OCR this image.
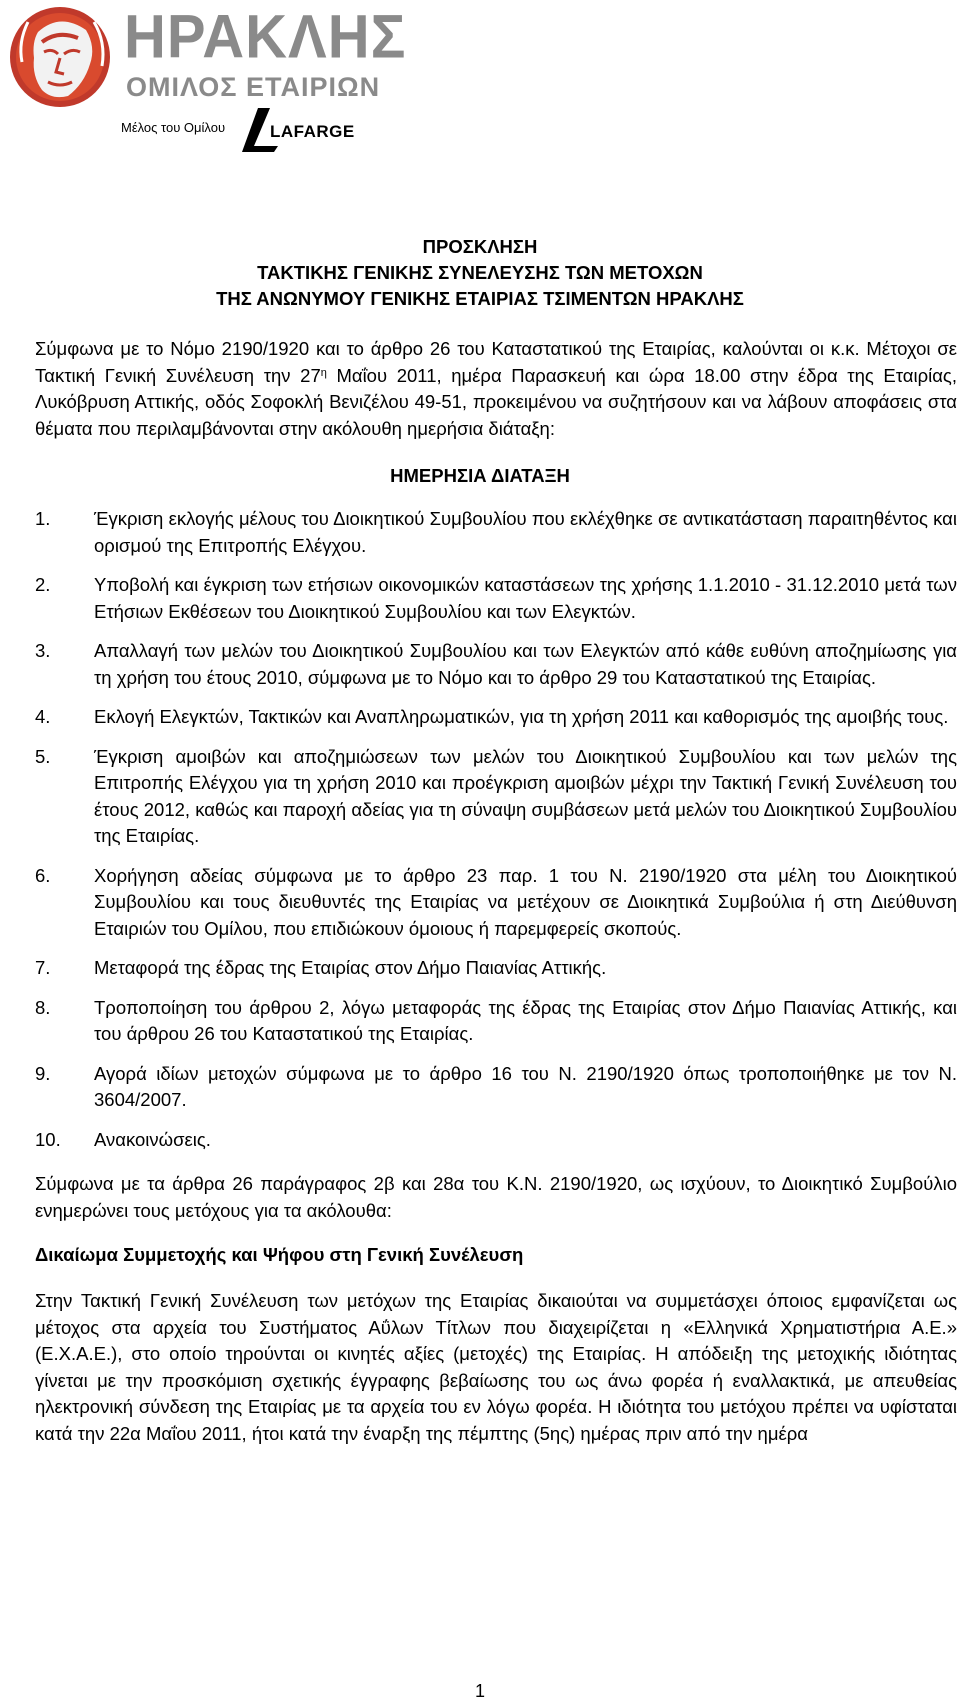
ΗΡΑΚΛΗΣ
ΟΜΙΛΟΣ ΕΤΑΙΡΙΩΝ
Μέλος του Ομίλου	LAFARGE
ΠΡΟΣΚΛΗΣΗ
ΤΑΚΤΙΚΗΣ ΓΕΝΙΚΗΣ ΣΥΝΕΛΕΥΣΗΣ ΤΩΝ ΜΕΤΟΧΩΝ
ΤΗΣ ΑΝΩΝΥΜΟΥ ΓΕΝΙΚΗΣ ΕΤΑΙΡΙΑΣ ΤΣΙΜΕΝΤΩΝ ΗΡΑΚΛΗΣ

Σύμφωνα με το Νόμο 2190/1920 και το άρθρο 26 του Καταστατικού της Εταιρίας, καλούνται οι κ.κ. Μέτοχοι σε Τακτική Γενική Συνέλευση την $27^\eta$ Μαΐου 2011, ημέρα Παρασκευή και ώρα 18.00 στην έδρα της Εταιρίας, Λυκόβρυση Αττικής, οδός Σοφοκλή Βενιζέλου 49-51, προκειμένου να συζητήσουν και να λάβουν αποφάσεις στα θέματα που περιλαμβάνονται στην ακόλουθη ημερήσια διάταξη:

ΗΜΕΡΗΣΙΑ ΔΙΑΤΑΞΗ
1. Έγκριση εκλογής μέλους του Διοικητικού Συμβουλίου που εκλέχθηκε σε αντικατάσταση παραιτηθέντος και ορισμού της Επιτροπής Ελέγχου.
2. Υποβολή και έγκριση των ετήσιων οικονομικών καταστάσεων της χρήσης 1.1.2010 - 31.12.2010 μετά των Ετήσιων Εκθέσεων του Διοικητικού Συμβουλίου και των Ελεγκτών.
3. Απαλλαγή των μελών του Διοικητικού Συμβουλίου και των Ελεγκτών από κάθε ευθύνη αποζημίωσης για τη χρήση του έτους 2010, σύμφωνα με το Νόμο και το άρθρο 29 του Καταστατικού της Εταιρίας.
4. Εκλογή Ελεγκτών, Τακτικών και Αναπληρωματικών, για τη χρήση 2011 και καθορισμός της αμοιβής τους.
5. Έγκριση αμοιβών και αποζημιώσεων των μελών του Διοικητικού Συμβουλίου και των μελών της Επιτροπής Ελέγχου για τη χρήση 2010 και προέγκριση αμοιβών μέχρι την Τακτική Γενική Συνέλευση του έτους 2012, καθώς και παροχή αδείας για τη σύναψη συμβάσεων μετά μελών του Διοικητικού Συμβουλίου της Εταιρίας.
6. Χορήγηση αδείας σύμφωνα με το άρθρο 23 παρ. 1 του Ν. 2190/1920 στα μέλη του Διοικητικού Συμβουλίου και τους διευθυντές της Εταιρίας να μετέχουν σε Διοικητικά Συμβούλια ή στη Διεύθυνση Εταιριών του Ομίλου, που επιδιώκουν όμοιους ή παρεμφερείς σκοπούς.
7. Μεταφορά της έδρας της Εταιρίας στον Δήμο Παιανίας Αττικής.
8. Τροποποίηση του άρθρου 2, λόγω μεταφοράς της έδρας της Εταιρίας στον Δήμο Παιανίας Αττικής, και του άρθρου 26 του Καταστατικού της Εταιρίας.
9. Αγορά ιδίων μετοχών σύμφωνα με το άρθρο 16 του Ν. 2190/1920 όπως τροποποιήθηκε με τον Ν. 3604/2007.
10. Ανακοινώσεις.

Σύμφωνα με τα άρθρα 26 παράγραφος 2β και 28α του Κ.Ν. 2190/1920, ως ισχύουν, το Διοικητικό Συμβούλιο ενημερώνει τους μετόχους για τα ακόλουθα:

Δικαίωμα Συμμετοχής και Ψήφου στη Γενική Συνέλευση

Στην Τακτική Γενική Συνέλευση των μετόχων της Εταιρίας δικαιούται να συμμετάσχει όποιος εμφανίζεται ως μέτοχος στα αρχεία του Συστήματος Αΰλων Τίτλων που διαχειρίζεται η «Ελληνικά Χρηματιστήρια Α.Ε.» (Ε.Χ.Α.Ε.), στο οποίο τηρούνται οι κινητές αξίες (μετοχές) της Εταιρίας. Η απόδειξη της μετοχικής ιδιότητας γίνεται με την προσκόμιση σχετικής έγγραφης βεβαίωσης του ως άνω φορέα ή εναλλακτικά, με απευθείας ηλεκτρονική σύνδεση της Εταιρίας με τα αρχεία του εν λόγω φορέα. Η ιδιότητα του μετόχου πρέπει να υφίσταται κατά την 22α Μαΐου 2011, ήτοι κατά την έναρξη της πέμπτης (5ης) ημέρας πριν από την ημέρα

1
